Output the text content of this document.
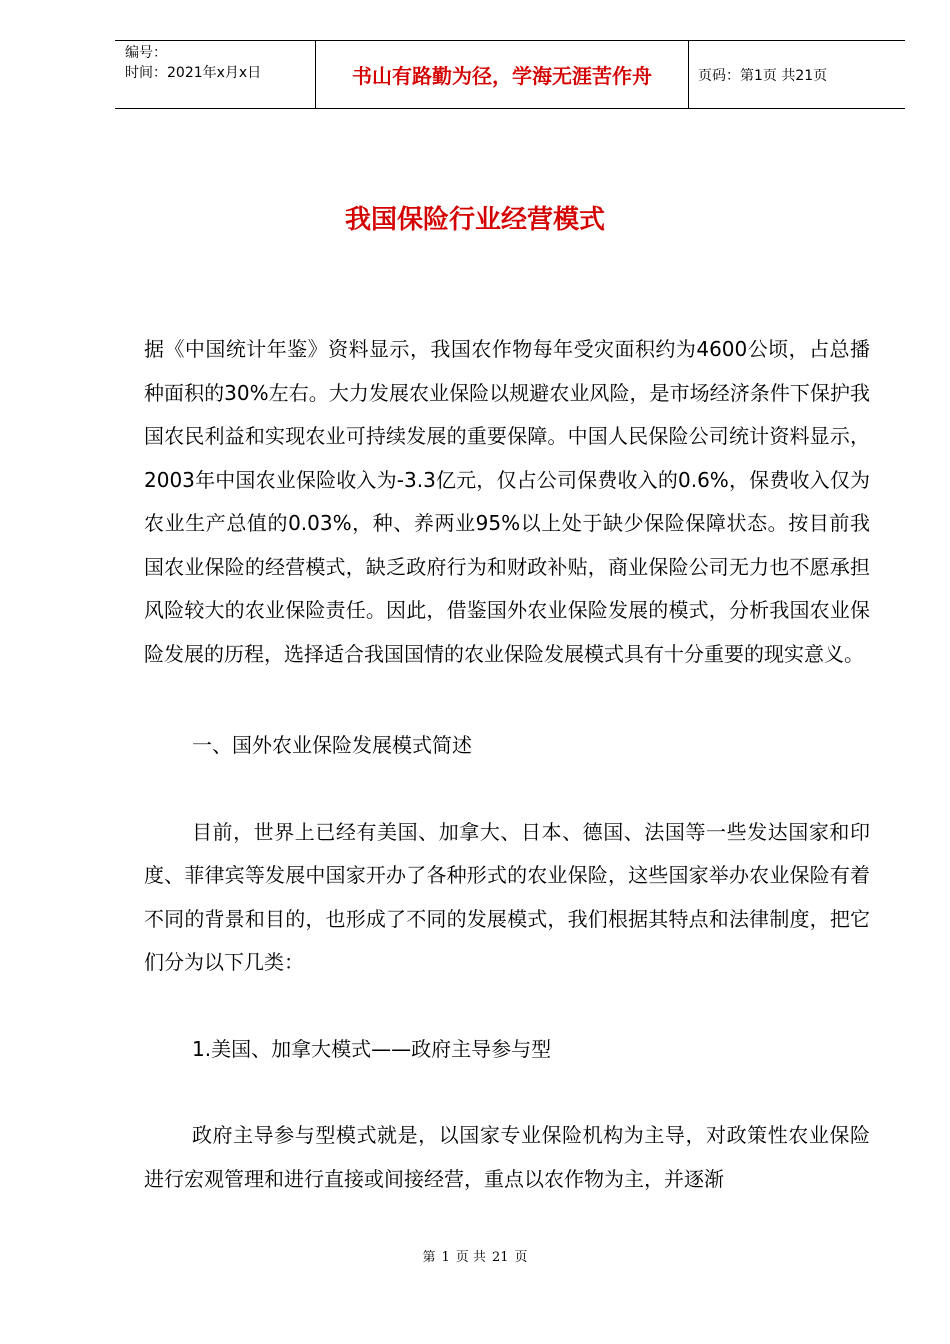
编号：
时间：2021年x月x日	书山有路勤为径，学海无涯苦作舟	页码：第1页 共21页
我国保险行业经营模式

据《中国统计年鉴》资料显示，我国农作物每年受灾面积约为4600公顷，占总播种面积的30%左右。大力发展农业保险以规避农业风险，是市场经济条件下保护我国农民利益和实现农业可持续发展的重要保障。中国人民保险公司统计资料显示，2003年中国农业保险收入为-3.3亿元，仅占公司保费收入的0.6%，保费收入仅为农业生产总值的0.03%，种、养两业95%以上处于缺少保险保障状态。按目前我国农业保险的经营模式，缺乏政府行为和财政补贴，商业保险公司无力也不愿承担风险较大的农业保险责任。因此，借鉴国外农业保险发展的模式，分析我国农业保险发展的历程，选择适合我国国情的农业保险发展模式具有十分重要的现实意义。

一、国外农业保险发展模式简述

目前，世界上已经有美国、加拿大、日本、德国、法国等一些发达国家和印度、菲律宾等发展中国家开办了各种形式的农业保险，这些国家举办农业保险有着不同的背景和目的，也形成了不同的发展模式，我们根据其特点和法律制度，把它们分为以下几类：

1.美国、加拿大模式——政府主导参与型

政府主导参与型模式就是，以国家专业保险机构为主导，对政策性农业保险进行宏观管理和进行直接或间接经营，重点以农作物为主，并逐渐

第 1 页 共 21 页
